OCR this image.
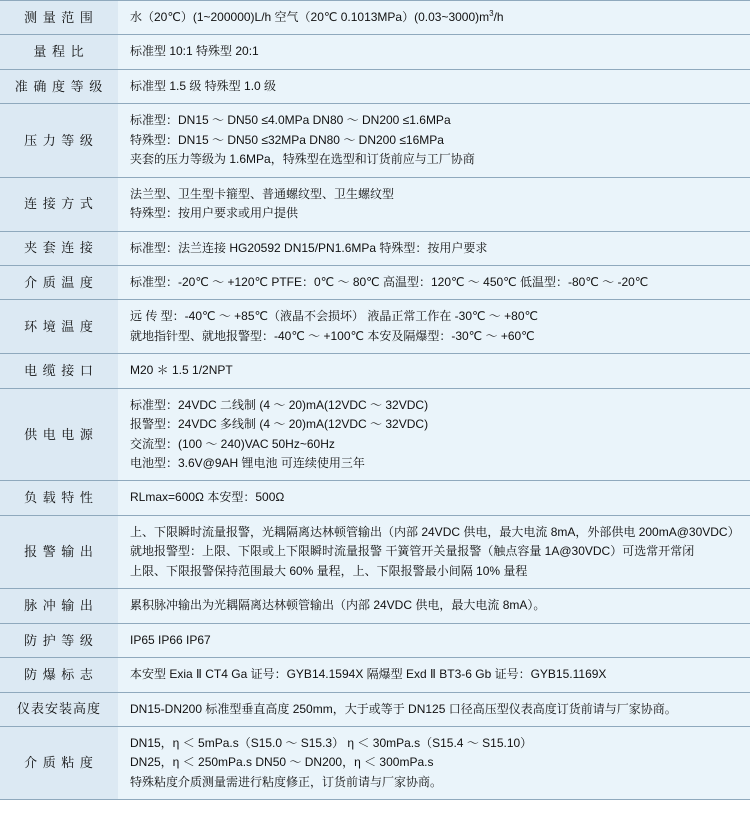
测 量 范 围	水（20℃）(1~200000)L/h 空气（20℃ $0.1013MPa)(0.03\sim 3000)m^3/h$

量 程 比	标准型 10:1 特殊型 20:1

准 确 度 等 级	标准型 1.5 级 特殊型 1.0 级

压 力 等 级	标准型：DN15 ～ DN50 ≤4.0MPa DN80 ～ DN200 ≤1.6MPa
特殊型：DN15 ～ DN50 ≤32MPa DN80 ～ DN200 ≤16MPa
夹套的压力等级为 1.6MPa，特殊型在选型和订货前应与工厂协商

连 接 方 式	法兰型、卫生型卡箍型、普通螺纹型、卫生螺纹型
特殊型：按用户要求或用户提供

夹 套 连 接	标准型：法兰连接 HG20592 DN15/PN1.6MPa 特殊型：按用户要求

介 质 温 度	标准型：-20℃ ～ +120℃ PTFE：0℃ ～ 80℃ 高温型：120℃ ～ 450℃ 低温型：-80℃ ～ -20℃

环 境 温 度	远 传 型：-40℃ ～ +85℃（液晶不会损坏） 液晶正常工作在 -30℃ ～ +80℃
就地指针型、就地报警型：-40℃ ～ +100℃ 本安及隔爆型：-30℃ ～ +60℃

电 缆 接 口	M20 ＊ 1.5 1/2NPT

供 电 电 源	标准型：24VDC 二线制 (4 ～ 20)mA(12VDC ～ 32VDC)
报警型：24VDC 多线制 (4 ～ 20)mA(12VDC ～ 32VDC)
交流型：(100 ～ 240)VAC 50Hz~60Hz
电池型：3.6V@9AH 锂电池 可连续使用三年

负 载 特 性	RLmax=600Ω 本安型：500Ω

报 警 输 出	上、下限瞬时流量报警，光耦隔离达林顿管输出（内部 24VDC 供电，最大电流 8mA，外部供电 200mA@30VDC）
就地报警型：上限、下限或上下限瞬时流量报警 干簧管开关量报警（触点容量 1A@30VDC）可选常开常闭
上限、下限报警保持范围最大 60% 量程，上、下限报警最小间隔 10% 量程

脉 冲 输 出	累积脉冲输出为光耦隔离达林顿管输出（内部 24VDC 供电，最大电流 8mA）。

防 护 等 级	IP65 IP66 IP67

防 爆 标 志	本安型 Exia Ⅱ CT4 Ga 证号：GYB14.1594X 隔爆型 Exd Ⅱ BT3-6 Gb 证号：GYB15.1169X

仪表安装高度	DN15-DN200 标准型垂直高度 250mm，大于或等于 DN125 口径高压型仪表高度订货前请与厂家协商。

介 质 粘 度	DN15，η ＜ 5mPa.s（S15.0 ～ S15.3） η ＜ 30mPa.s（S15.4 ～ S15.10）
DN25，η ＜ 250mPa.s DN50 ～ DN200，η ＜ 300mPa.s
特殊粘度介质测量需进行粘度修正，订货前请与厂家协商。
